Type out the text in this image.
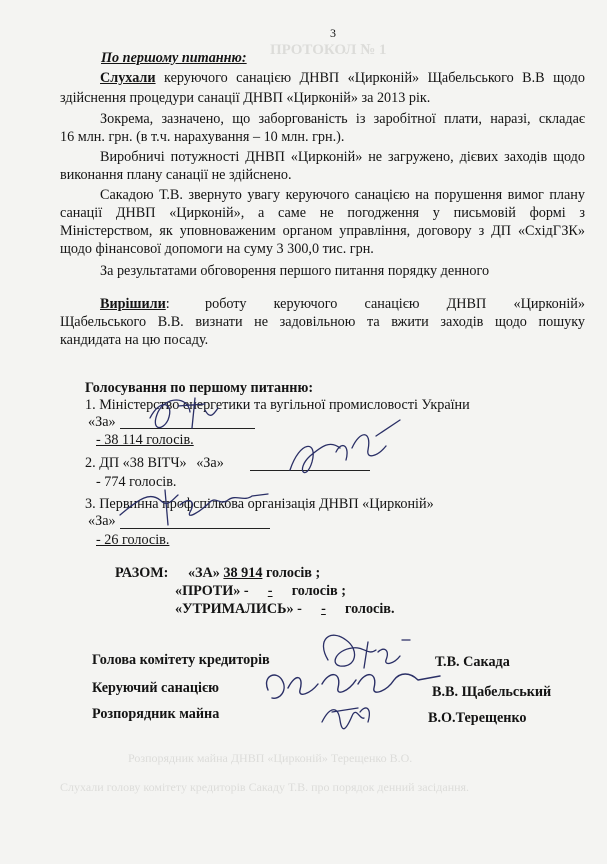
ПРОТОКОЛ № 1
Розпорядник майна ДНВП «Цирконій» Терещенко В.О.
Слухали голову комітету кредиторів Сакаду Т.В. про порядок денний засідання.
3
По першому питанню:
Слухали керуючого санацією ДНВП «Цирконій» Щабельського В.В щодо
здійснення процедури санації ДНВП «Цирконій» за 2013 рік.
Зокрема, зазначено, що заборгованість із заробітної плати, наразі, складає
16 млн. грн. (в т.ч. нарахування – 10 млн. грн.).
Виробничі потужності ДНВП «Цирконій» не загружено, дієвих заходів щодо
виконання плану санації не здійснено.
Сакадою Т.В. звернуто увагу керуючого санацією на порушення вимог плану
санації ДНВП «Цирконій», а саме не погодження у письмовій формі з
Міністерством, як уповноваженим органом управління, договору з ДП «СхідГЗК»
щодо фінансової допомоги на суму 3 300,0 тис. грн.
За результатами обговорення першого питання порядку денного
Вирішили: роботу керуючого санацією ДНВП «Цирконій»
Щабельського В.В. визнати не задовільною та вжити заходів щодо пошуку
кандидата на цю посаду.
Голосування по першому питанню:
1. Міністерство енергетики та вугільної промисловості України
«За»
- 38 114 голосів.
2. ДП «38 ВІТЧ» «За»
- 774 голосів.
3. Первинна профспілкова організація ДНВП «Цирконій»
«За»
- 26 голосів.
РАЗОМ: «ЗА» 38 914 голосів ;
«ПРОТИ» - - голосів ;
«УТРИМАЛИСЬ» - - голосів.
Голова комітету кредиторів	Т.В. Сакада
Керуючий санацією	В.В. Щабельський
Розпорядник майна	В.О.Терещенко
